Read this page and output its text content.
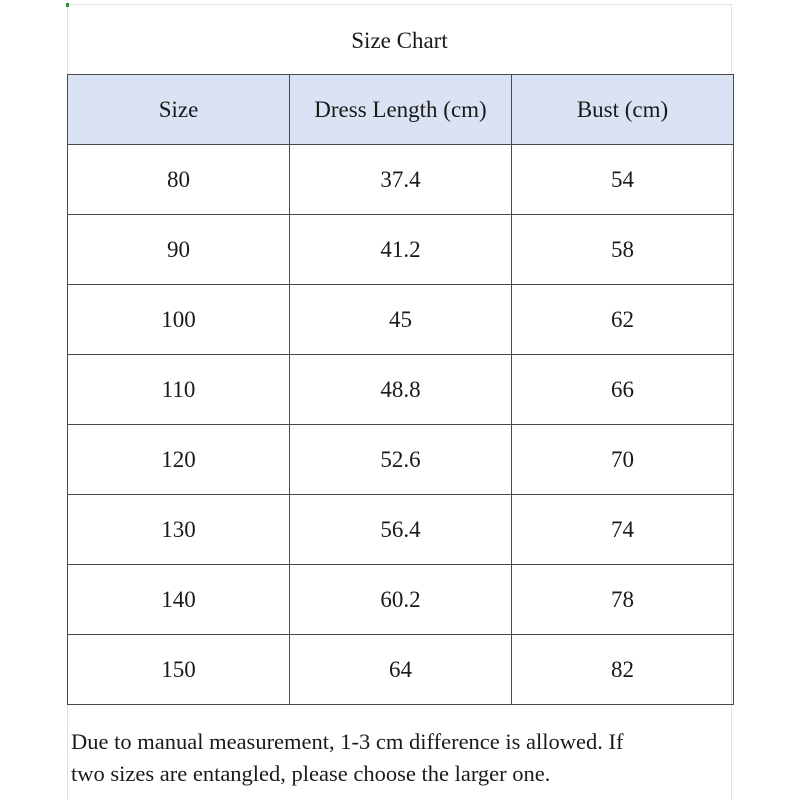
Size Chart
Size	Dress Length (cm)	Bust (cm)
80	37.4	54
90	41.2	58
100	45	62
110	48.8	66
120	52.6	70
130	56.4	74
140	60.2	78
150	64	82
Due to manual measurement, 1-3 cm difference is allowed. If
two sizes are entangled, please choose the larger one.
